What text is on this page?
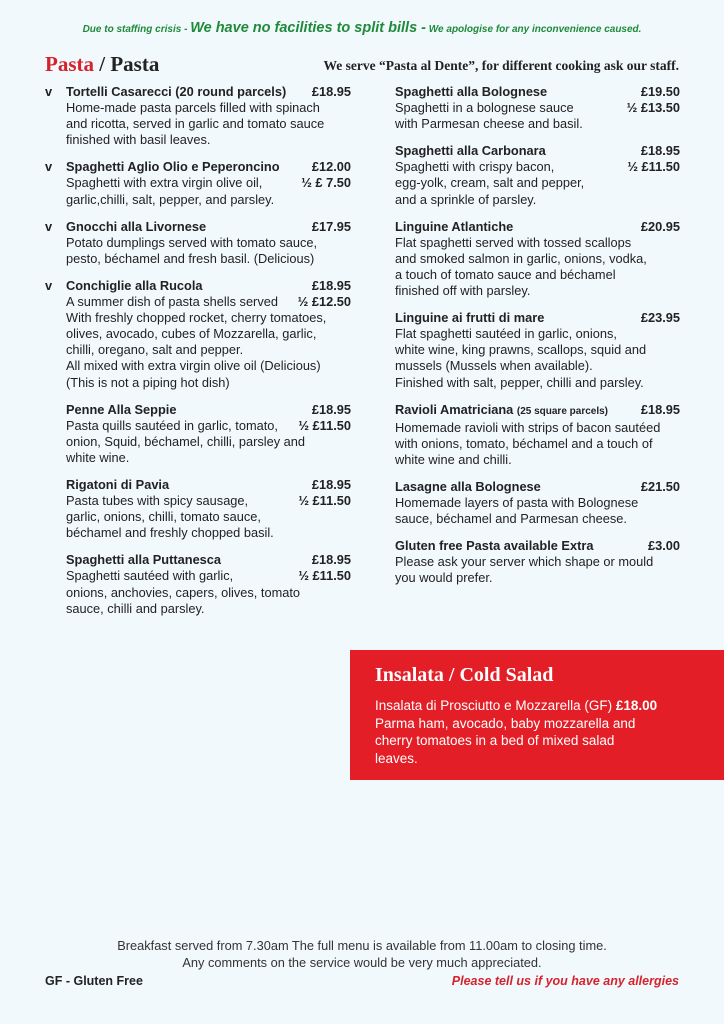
Due to staffing crisis - We have no facilities to split bills - We apologise for any inconvenience caused.
Pasta / Pasta	We serve “Pasta al Dente”, for different cooking ask our staff.
v Tortelli Casarecci (20 round parcels) £18.95
Home-made pasta parcels filled with spinach
and ricotta, served in garlic and tomato sauce
finished with basil leaves.
v Spaghetti Aglio Olio e Peperoncino	£12.00
Spaghetti with extra virgin olive oil,
garlic,chilli, salt, pepper, and parsley.
½ £ 7.50
v Gnocchi alla Livornese	£17.95
Potato dumplings served with tomato sauce,
pesto, béchamel and fresh basil. (Delicious)
v Conchiglie alla Rucola	£18.95
A summer dish of pasta shells served
With freshly chopped rocket, cherry tomatoes,
olives, avocado, cubes of Mozzarella, garlic,
chilli, oregano, salt and pepper.
All mixed with extra virgin olive oil (Delicious)
(This is not a piping hot dish)
½ £12.50
Penne Alla Seppie	£18.95
Pasta quills sautéed in garlic, tomato,
onion, Squid, béchamel, chilli, parsley and
white wine.
½ £11.50
Rigatoni di Pavia	£18.95
Pasta tubes with spicy sausage,
garlic, onions, chilli, tomato sauce,
béchamel and freshly chopped basil.
½ £11.50
Spaghetti alla Puttanesca	£18.95
Spaghetti sautéed with garlic,
onions, anchovies, capers, olives, tomato
sauce, chilli and parsley.
½ £11.50
Spaghetti alla Bolognese	£19.50
Spaghetti in a bolognese sauce
with Parmesan cheese and basil.
½ £13.50
Spaghetti alla Carbonara	£18.95
Spaghetti with crispy bacon,
egg-yolk, cream, salt and pepper,
and a sprinkle of parsley.
½ £11.50
Linguine Atlantiche	£20.95
Flat spaghetti served with tossed scallops
and smoked salmon in garlic, onions, vodka,
a touch of tomato sauce and béchamel
finished off with parsley.
Linguine ai frutti di mare	£23.95
Flat spaghetti sautéed in garlic, onions,
white wine, king prawns, scallops, squid and
mussels (Mussels when available).
Finished with salt, pepper, chilli and parsley.
Ravioli Amatriciana (25 square parcels)	£18.95
Homemade ravioli with strips of bacon sautéed
with onions, tomato, béchamel and a touch of
white wine and chilli.
Lasagne alla Bolognese	£21.50
Homemade layers of pasta with Bolognese
sauce, béchamel and Parmesan cheese.
Gluten free Pasta available Extra	£3.00
Please ask your server which shape or mould
you would prefer.
Insalata / Cold Salad
Insalata di Prosciutto e Mozzarella (GF) £18.00
Parma ham, avocado, baby mozzarella and
cherry tomatoes in a bed of mixed salad
leaves.
Breakfast served from 7.30am The full menu is available from 11.00am to closing time.
Any comments on the service would be very much appreciated.
GF - Gluten Free	Please tell us if you have any allergies
